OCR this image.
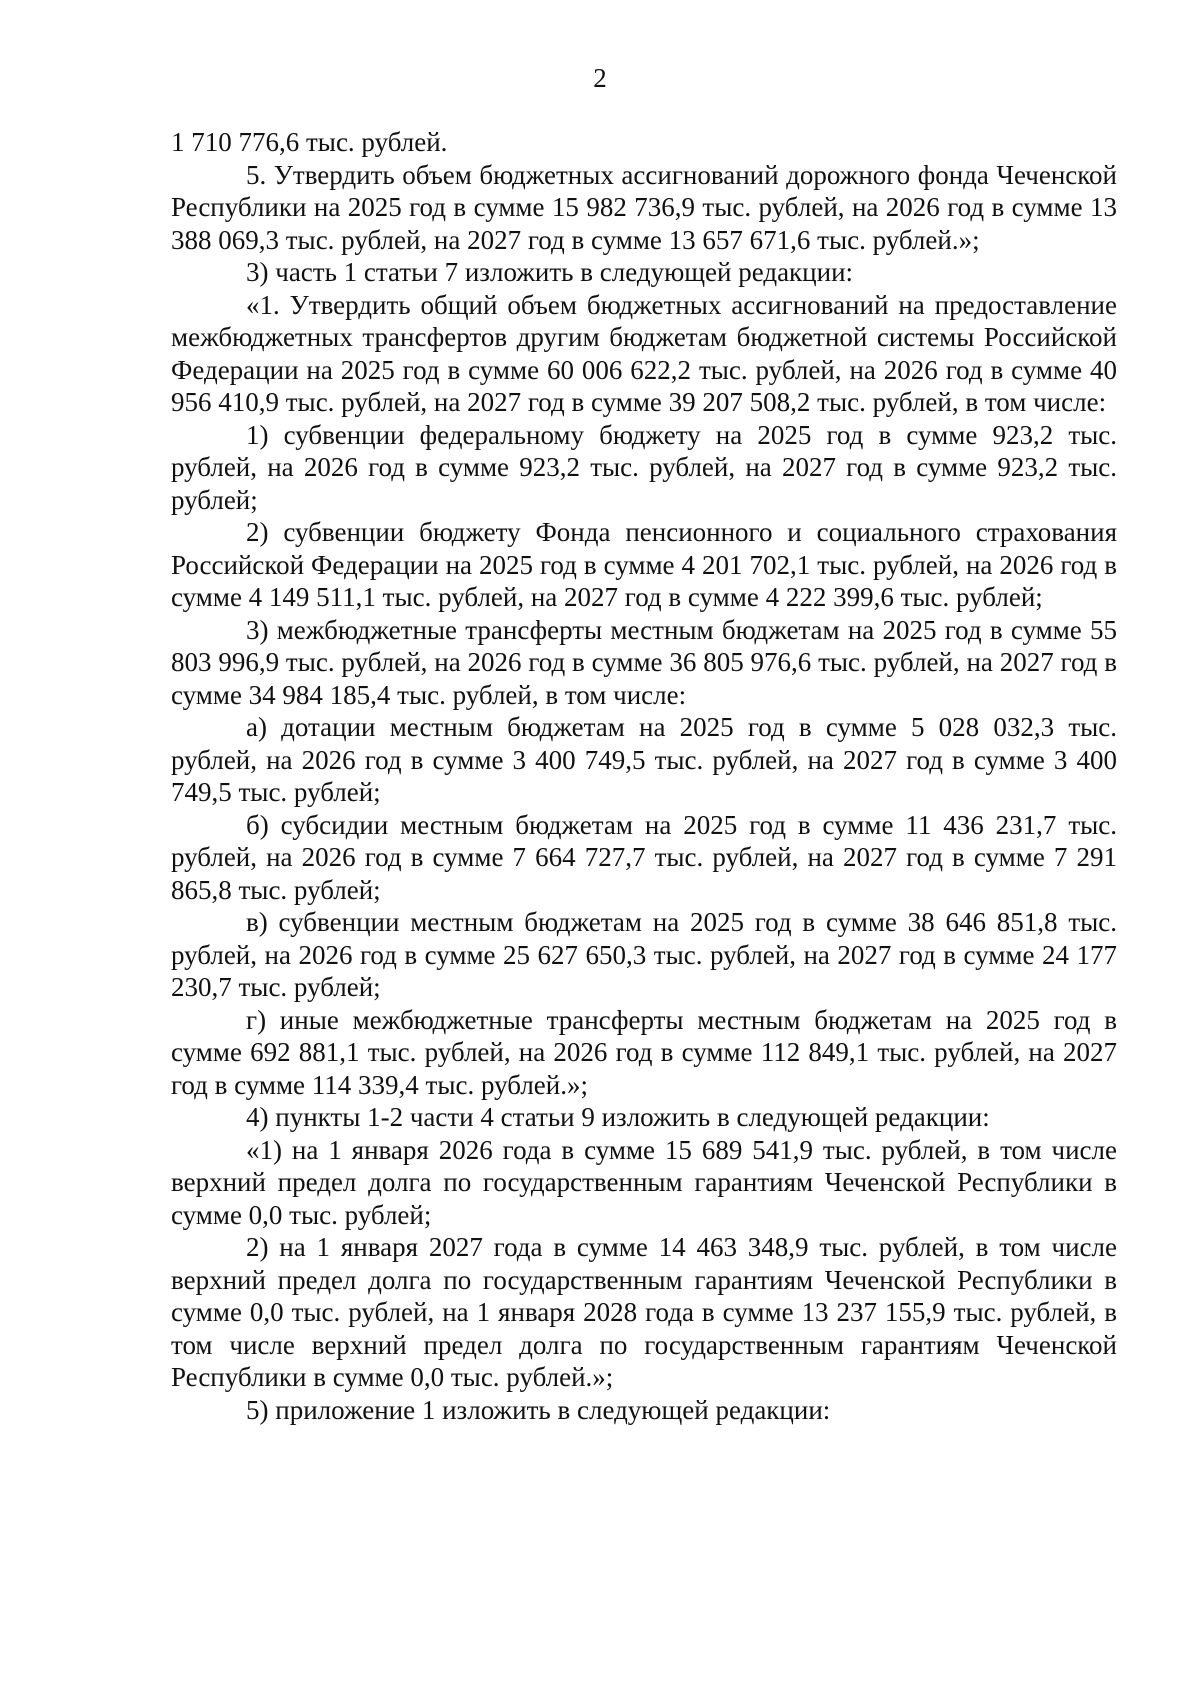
2

1 710 776,6 тыс. рублей.

5. Утвердить объем бюджетных ассигнований дорожного фонда Чеченской Республики на 2025 год в сумме 15 982 736,9 тыс. рублей, на 2026 год в сумме 13 388 069,3 тыс. рублей, на 2027 год в сумме 13 657 671,6 тыс. рублей.»;

3) часть 1 статьи 7 изложить в следующей редакции:

«1. Утвердить общий объем бюджетных ассигнований на предоставление межбюджетных трансфертов другим бюджетам бюджетной системы Российской Федерации на 2025 год в сумме 60 006 622,2 тыс. рублей, на 2026 год в сумме 40 956 410,9 тыс. рублей, на 2027 год в сумме 39 207 508,2 тыс. рублей, в том числе:

1) субвенции федеральному бюджету на 2025 год в сумме 923,2 тыс. рублей, на 2026 год в сумме 923,2 тыс. рублей, на 2027 год в сумме 923,2 тыс. рублей;

2) субвенции бюджету Фонда пенсионного и социального страхования Российской Федерации на 2025 год в сумме 4 201 702,1 тыс. рублей, на 2026 год в сумме 4 149 511,1 тыс. рублей, на 2027 год в сумме 4 222 399,6 тыс. рублей;

3) межбюджетные трансферты местным бюджетам на 2025 год в сумме 55 803 996,9 тыс. рублей, на 2026 год в сумме 36 805 976,6 тыс. рублей, на 2027 год в сумме 34 984 185,4 тыс. рублей, в том числе:

а) дотации местным бюджетам на 2025 год в сумме 5 028 032,3 тыс. рублей, на 2026 год в сумме 3 400 749,5 тыс. рублей, на 2027 год в сумме 3 400 749,5 тыс. рублей;

б) субсидии местным бюджетам на 2025 год в сумме 11 436 231,7 тыс. рублей, на 2026 год в сумме 7 664 727,7 тыс. рублей, на 2027 год в сумме 7 291 865,8 тыс. рублей;

в) субвенции местным бюджетам на 2025 год в сумме 38 646 851,8 тыс. рублей, на 2026 год в сумме 25 627 650,3 тыс. рублей, на 2027 год в сумме 24 177 230,7 тыс. рублей;

г) иные межбюджетные трансферты местным бюджетам на 2025 год в сумме 692 881,1 тыс. рублей, на 2026 год в сумме 112 849,1 тыс. рублей, на 2027 год в сумме 114 339,4 тыс. рублей.»;

4) пункты 1-2 части 4 статьи 9 изложить в следующей редакции:

«1) на 1 января 2026 года в сумме 15 689 541,9 тыс. рублей, в том числе верхний предел долга по государственным гарантиям Чеченской Республики в сумме 0,0 тыс. рублей;

2) на 1 января 2027 года в сумме 14 463 348,9 тыс. рублей, в том числе верхний предел долга по государственным гарантиям Чеченской Республики в сумме 0,0 тыс. рублей, на 1 января 2028 года в сумме 13 237 155,9 тыс. рублей, в том числе верхний предел долга по государственным гарантиям Чеченской Республики в сумме 0,0 тыс. рублей.»;

5) приложение 1 изложить в следующей редакции:
